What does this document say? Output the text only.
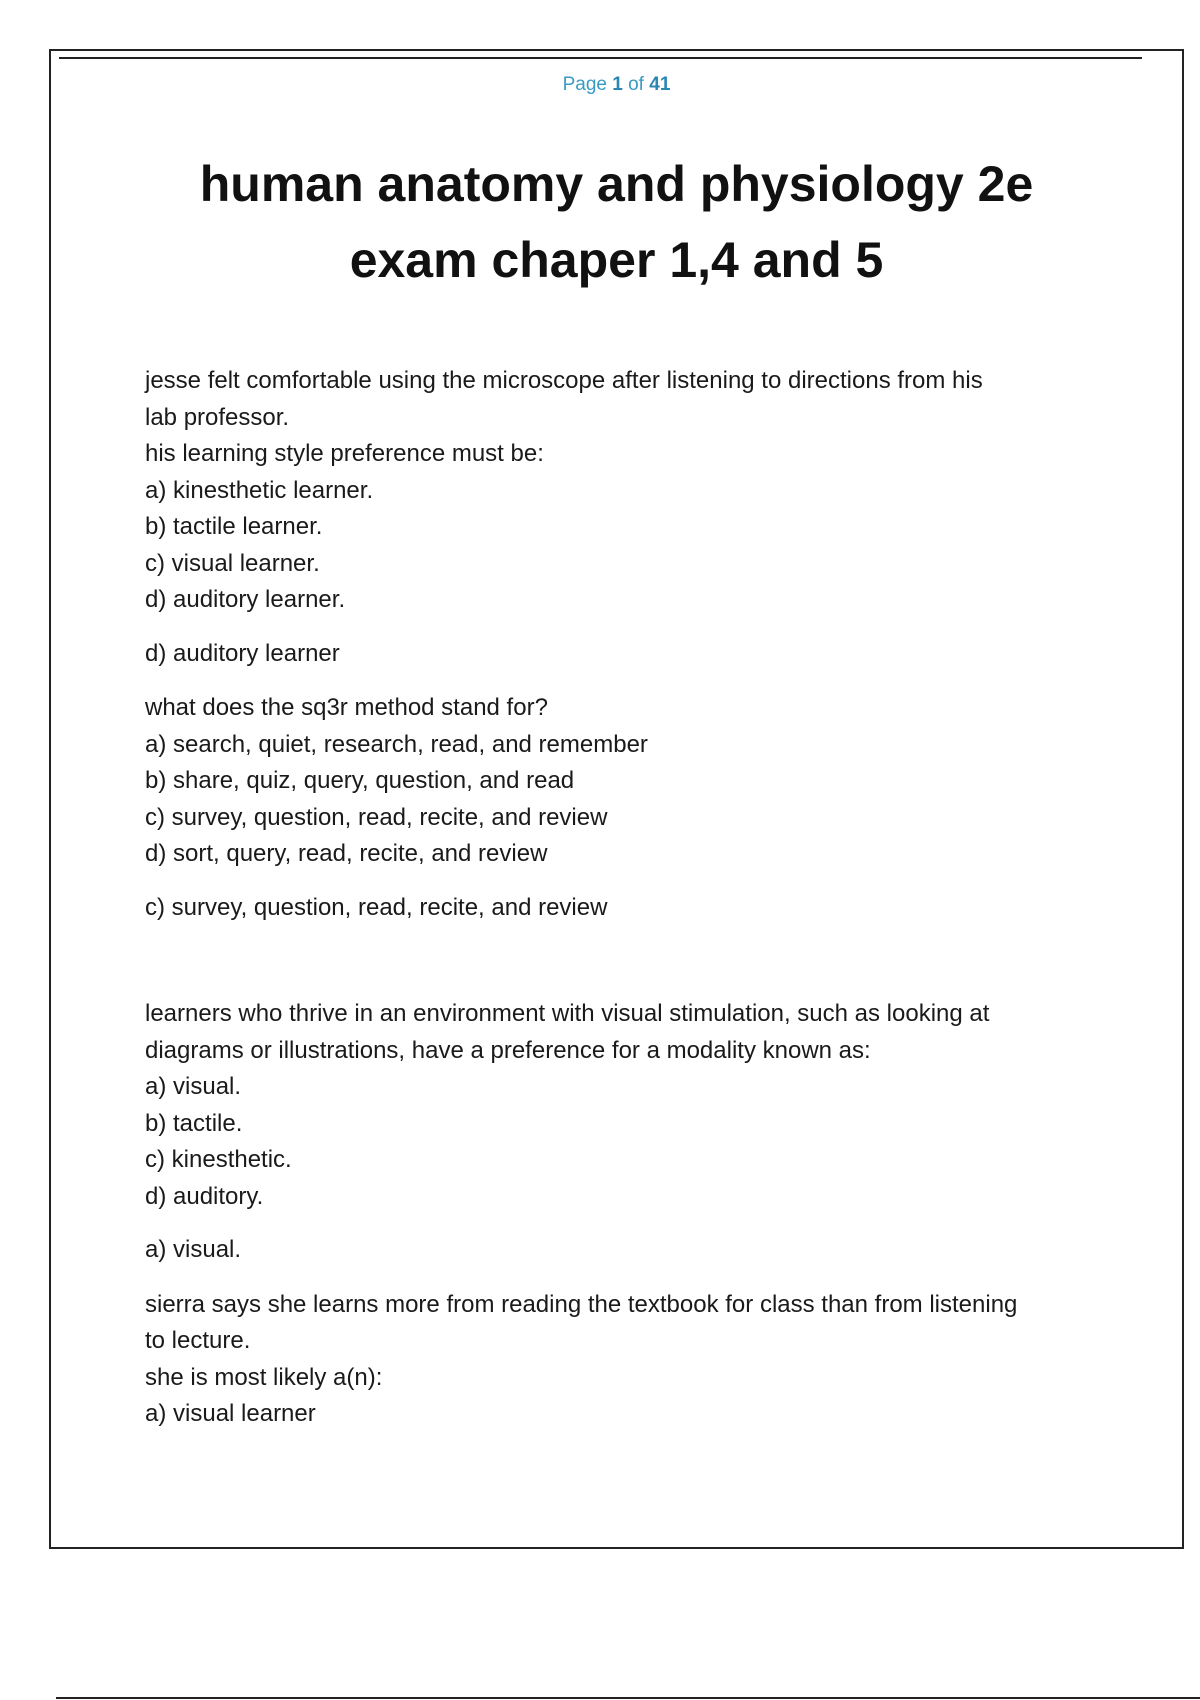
Page 1 of 41
human anatomy and physiology 2e
exam chaper 1,4 and 5
jesse felt comfortable using the microscope after listening to directions from his
lab professor.
his learning style preference must be:
a) kinesthetic learner.
b) tactile learner.
c) visual learner.
d) auditory learner.
d) auditory learner
what does the sq3r method stand for?
a) search, quiet, research, read, and remember
b) share, quiz, query, question, and read
c) survey, question, read, recite, and review
d) sort, query, read, recite, and review
c) survey, question, read, recite, and review
learners who thrive in an environment with visual stimulation, such as looking at
diagrams or illustrations, have a preference for a modality known as:
a) visual.
b) tactile.
c) kinesthetic.
d) auditory.
a) visual.
sierra says she learns more from reading the textbook for class than from listening
to lecture.
she is most likely a(n):
a) visual learner
